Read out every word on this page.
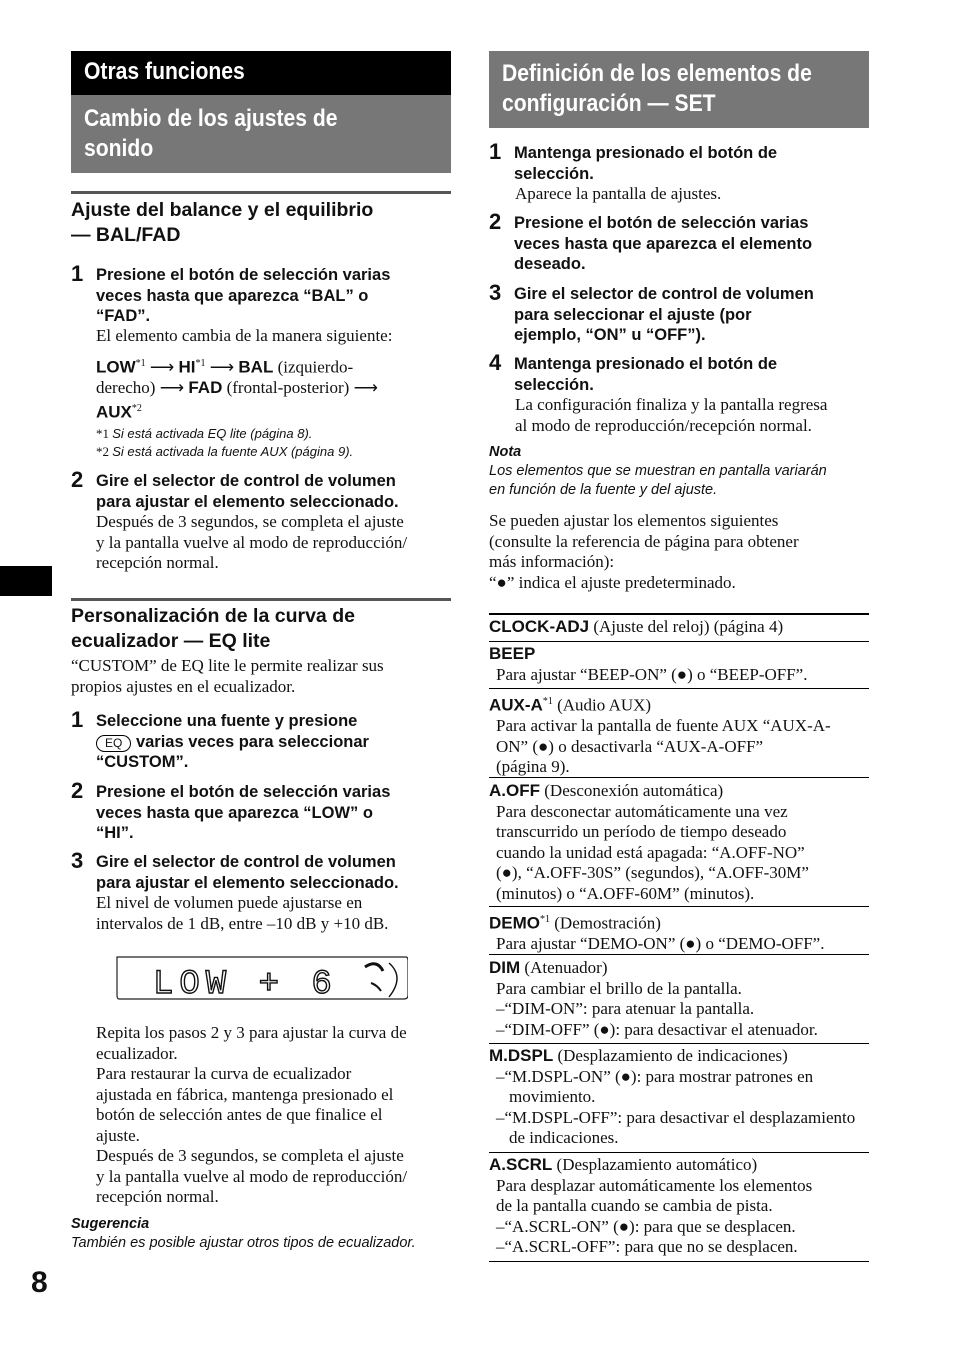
Otras funciones
Cambio de los ajustes de
sonido
Ajuste del balance y el equilibrio
— BAL/FAD
1 Presione el botón de selección varias
veces hasta que aparezca “BAL” o
“FAD”.
El elemento cambia de la manera siguiente:
LOW$^{*1}$ ⟶ HI$^{*1}$ ⟶ BAL (izquierdo-
derecho) ⟶ FAD (frontal-posterior) ⟶
AUX$^{*2}$
*1 Si está activada EQ lite (página 8).
*2 Si está activada la fuente AUX (página 9).
2 Gire el selector de control de volumen
para ajustar el elemento seleccionado.
Después de 3 segundos, se completa el ajuste
y la pantalla vuelve al modo de reproducción/
recepción normal.
Personalización de la curva de
ecualizador — EQ lite
“CUSTOM” de EQ lite le permite realizar sus
propios ajustes en el ecualizador.
1 Seleccione una fuente y presione
EQ varias veces para seleccionar
“CUSTOM”.
2 Presione el botón de selección varias
veces hasta que aparezca “LOW” o
“HI”.
3 Gire el selector de control de volumen
para ajustar el elemento seleccionado.
El nivel de volumen puede ajustarse en
intervalos de 1 dB, entre –10 dB y +10 dB.
LOW + 6
Repita los pasos 2 y 3 para ajustar la curva de
ecualizador.
Para restaurar la curva de ecualizador
ajustada en fábrica, mantenga presionado el
botón de selección antes de que finalice el
ajuste.
Después de 3 segundos, se completa el ajuste
y la pantalla vuelve al modo de reproducción/
recepción normal.
Sugerencia
También es posible ajustar otros tipos de ecualizador.
8
Definición de los elementos de
configuración — SET
1 Mantenga presionado el botón de
selección.
Aparece la pantalla de ajustes.
2 Presione el botón de selección varias
veces hasta que aparezca el elemento
deseado.
3 Gire el selector de control de volumen
para seleccionar el ajuste (por
ejemplo, “ON” u “OFF”).
4 Mantenga presionado el botón de
selección.
La configuración finaliza y la pantalla regresa
al modo de reproducción/recepción normal.
Nota
Los elementos que se muestran en pantalla variarán
en función de la fuente y del ajuste.
Se pueden ajustar los elementos siguientes
(consulte la referencia de página para obtener
más información):
“●” indica el ajuste predeterminado.
CLOCK-ADJ (Ajuste del reloj) (página 4)
BEEP
Para ajustar “BEEP-ON” (●) o “BEEP-OFF”.
AUX-$A^{*1}$ (Audio AUX)
Para activar la pantalla de fuente AUX “AUX-A-
ON” (●) o desactivarla “AUX-A-OFF”
(página 9).
A.OFF (Desconexión automática)
Para desconectar automáticamente una vez
transcurrido un período de tiempo deseado
cuando la unidad está apagada: “A.OFF-NO”
(●), “A.OFF-30S” (segundos), “A.OFF-30M”
(minutos) o “A.OFF-60M” (minutos).
DEMO$^{*1}$ (Demostración)
Para ajustar “DEMO-ON” (●) o “DEMO-OFF”.
DIM (Atenuador)
Para cambiar el brillo de la pantalla.
–“DIM-ON”: para atenuar la pantalla.
–“DIM-OFF” (●): para desactivar el atenuador.
M.DSPL (Desplazamiento de indicaciones)
–“M.DSPL-ON” (●): para mostrar patrones en movimiento.
–“M.DSPL-OFF”: para desactivar el desplazamiento de indicaciones.
A.SCRL (Desplazamiento automático)
Para desplazar automáticamente los elementos
de la pantalla cuando se cambia de pista.
–“A.SCRL-ON” (●): para que se desplacen.
–“A.SCRL-OFF”: para que no se desplacen.
